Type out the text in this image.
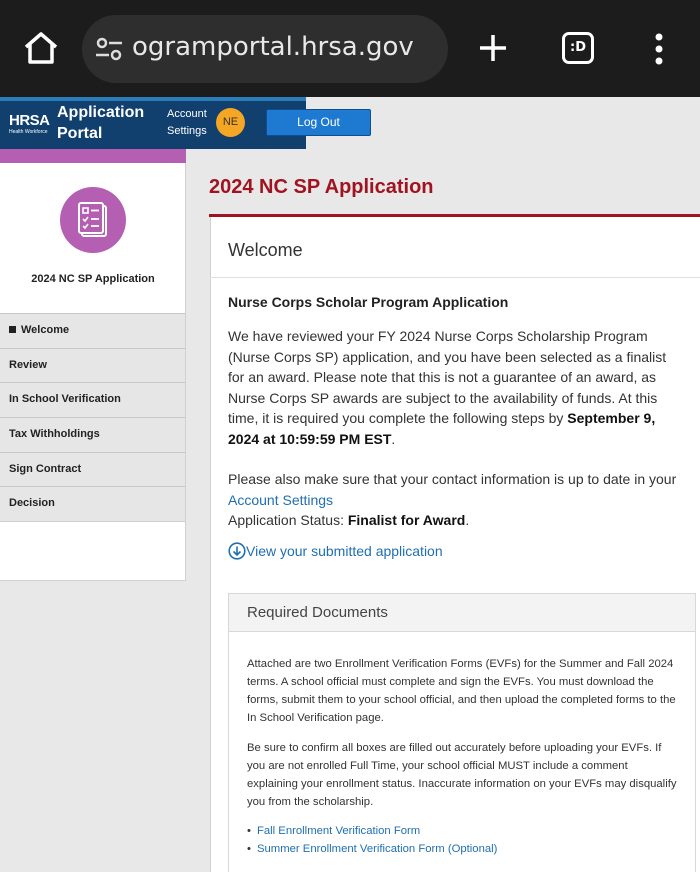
ogramportal.hrsa.gov	:D
HRSA
Health Workforce
Application
Portal
Account
Settings
NE	Log Out
2024 NC SP Application
Welcome
Review
In School Verification
Tax Withholdings
Sign Contract
Decision
2024 NC SP Application
Welcome
Nurse Corps Scholar Program Application
We have reviewed your FY 2024 Nurse Corps Scholarship Program (Nurse Corps SP) application, and you have been selected as a finalist for an award. Please note that this is not a guarantee of an award, as Nurse Corps SP awards are subject to the availability of funds. At this time, it is required you complete the following steps by September 9, 2024 at 10:59:59 PM EST.
Please also make sure that your contact information is up to date in your Account Settings
Application Status: Finalist for Award.
View your submitted application
Required Documents
Attached are two Enrollment Verification Forms (EVFs) for the Summer and Fall 2024 terms. A school official must complete and sign the EVFs. You must download the forms, submit them to your school official, and then upload the completed forms to the In School Verification page.
Be sure to confirm all boxes are filled out accurately before uploading your EVFs. If you are not enrolled Full Time, your school official MUST include a comment explaining your enrollment status. Inaccurate information on your EVFs may disqualify you from the scholarship.
• Fall Enrollment Verification Form
• Summer Enrollment Verification Form (Optional)
